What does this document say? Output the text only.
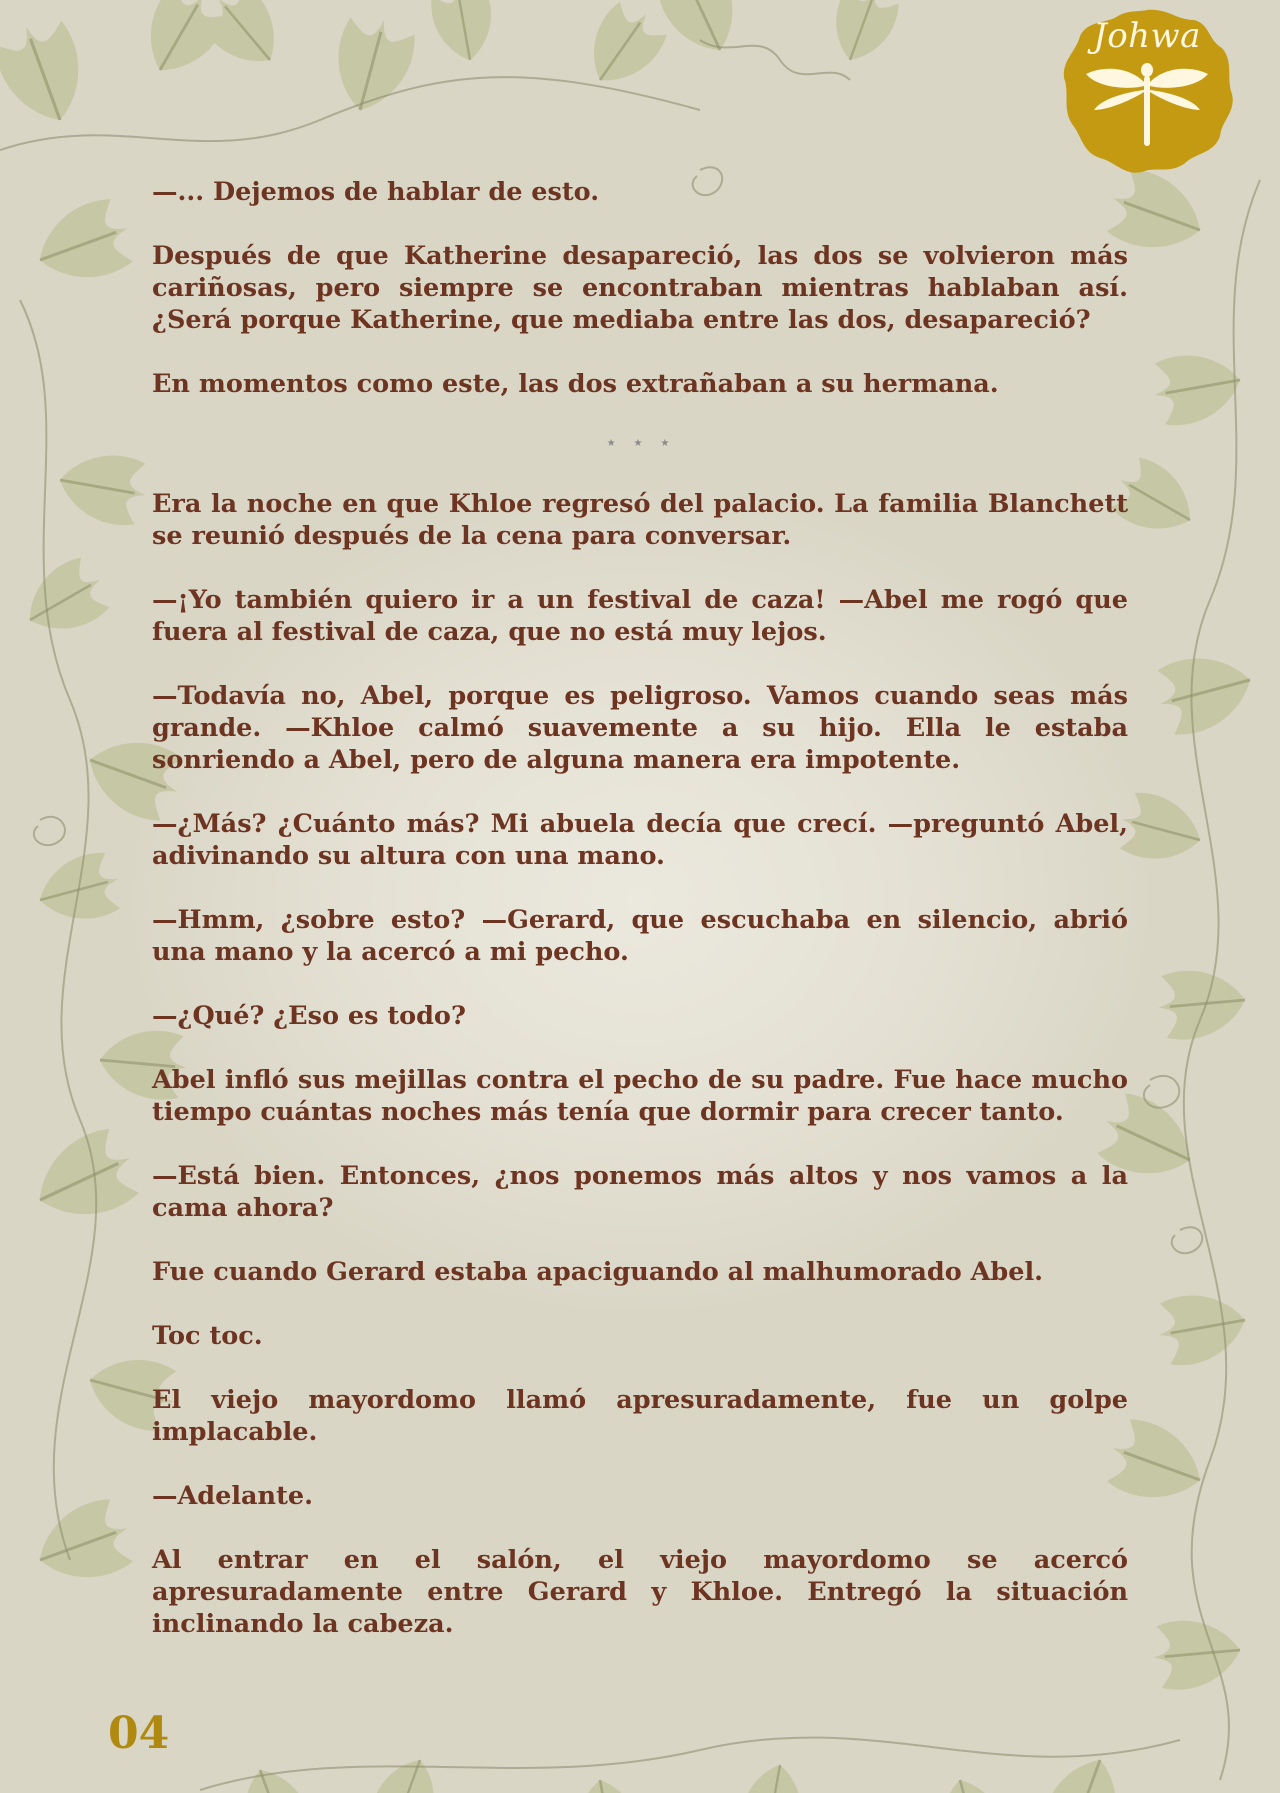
Johwa

—... Dejemos de hablar de esto.

Después de que Katherine desapareció, las dos se volvieron más cariñosas, pero siempre se encontraban mientras hablaban así. ¿Será porque Katherine, que mediaba entre las dos, desapareció?

En momentos como este, las dos extrañaban a su hermana.

⋆ ⋆ ⋆

Era la noche en que Khloe regresó del palacio. La familia Blanchett se reunió después de la cena para conversar.

—¡Yo también quiero ir a un festival de caza! —Abel me rogó que fuera al festival de caza, que no está muy lejos.

—Todavía no, Abel, porque es peligroso. Vamos cuando seas más grande. —Khloe calmó suavemente a su hijo. Ella le estaba sonriendo a Abel, pero de alguna manera era impotente.

—¿Más? ¿Cuánto más? Mi abuela decía que crecí. —preguntó Abel, adivinando su altura con una mano.

—Hmm, ¿sobre esto? —Gerard, que escuchaba en silencio, abrió una mano y la acercó a mi pecho.

—¿Qué? ¿Eso es todo?

Abel infló sus mejillas contra el pecho de su padre. Fue hace mucho tiempo cuántas noches más tenía que dormir para crecer tanto.

—Está bien. Entonces, ¿nos ponemos más altos y nos vamos a la cama ahora?

Fue cuando Gerard estaba apaciguando al malhumorado Abel.

Toc toc.

El viejo mayordomo llamó apresuradamente, fue un golpe implacable.

—Adelante.

Al entrar en el salón, el viejo mayordomo se acercó apresuradamente entre Gerard y Khloe. Entregó la situación inclinando la cabeza.

04
